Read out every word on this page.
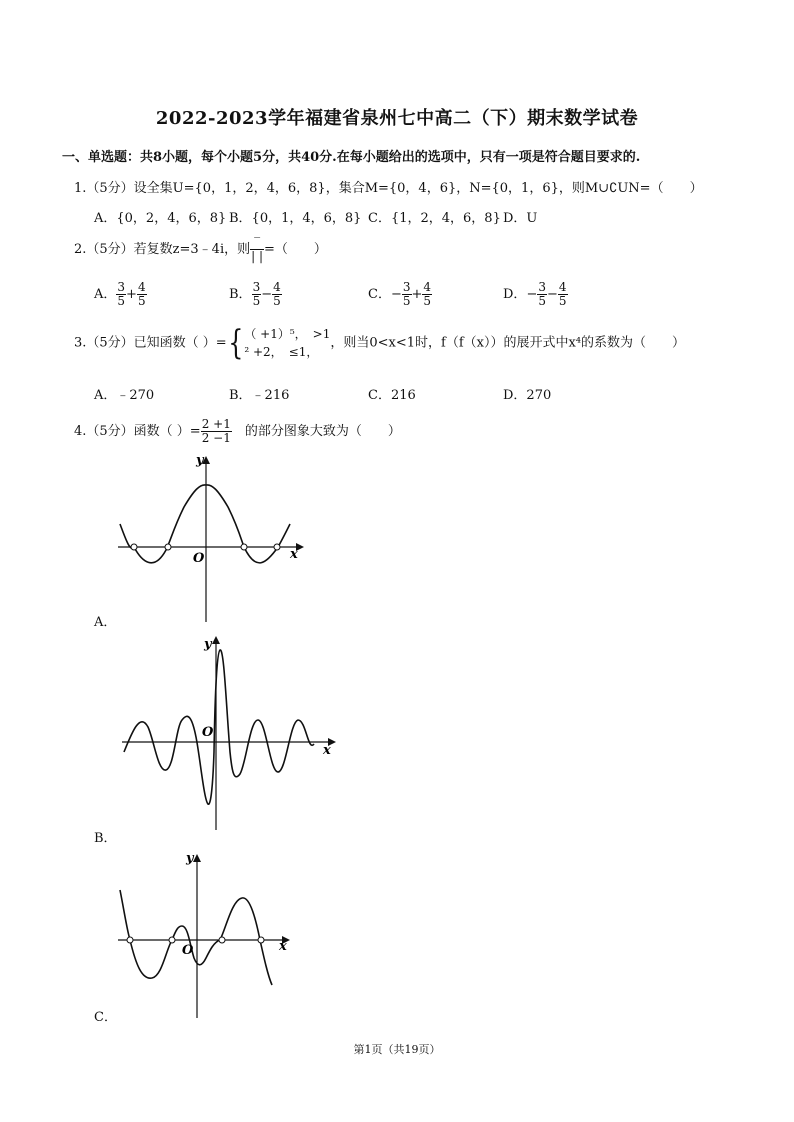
2022-2023学年福建省泉州七中高二（下）期末数学试卷
一、单选题：共8小题，每个小题5分，共40分.在每小题给出的选项中，只有一项是符合题目要求的.
1.（5分）设全集U={0，1，2，4，6，8}，集合M={0，4，6}，N={0，1，6}，则M∪∁UN=（　　）
A．{0，2，4，6，8} B．{0，1，4，6，8} C．{1，2，4，6，8} D．U
2.（5分）若复数z=3﹣4i，则 $\frac{‾}{| |}$ =（　　）
A． $\frac{3}{5} + \frac{4}{5}$	B． $\frac{3}{5} - \frac{4}{5}$	C．− $\frac{3}{5} + \frac{4}{5}$	D．− $\frac{3}{5} - \frac{4}{5}$
3.（5分）已知函数（ ）={ （ +1）⁵，　>1
² +2，　≤1，
，则当0<x<1时，f（f（x））的展开式中x⁴的系数为（　　）
A．﹣270	B．﹣216	C．216	D．270
4.（5分）函数（ ）= $\frac{2 +1}{2 -1}$ 　的部分图象大致为（　　）
y
x
O
A．
y
x
O
B．
y
x
O
C．
第1页（共19页）
